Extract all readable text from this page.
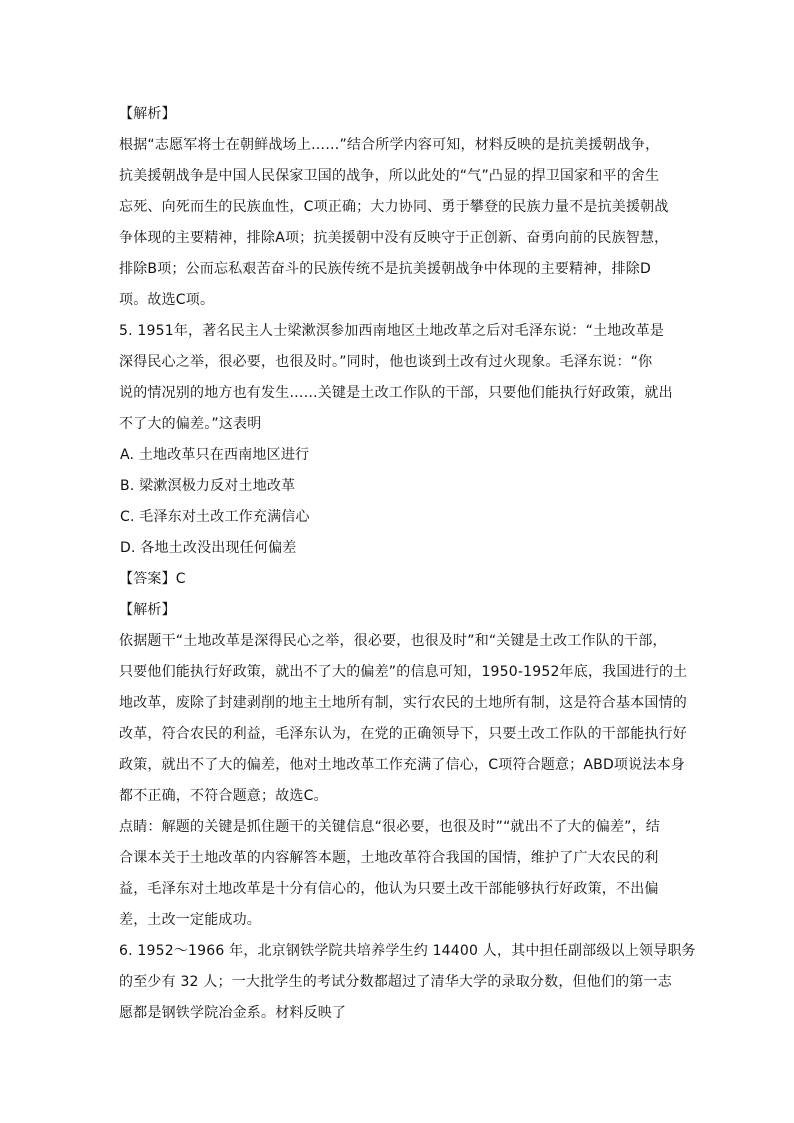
【解析】
根据“志愿军将士在朝鲜战场上……”结合所学内容可知，材料反映的是抗美援朝战争，
抗美援朝战争是中国人民保家卫国的战争，所以此处的“气”凸显的捍卫国家和平的舍生
忘死、向死而生的民族血性，C项正确；大力协同、勇于攀登的民族力量不是抗美援朝战
争体现的主要精神，排除A项；抗美援朝中没有反映守于正创新、奋勇向前的民族智慧，
排除B项；公而忘私艰苦奋斗的民族传统不是抗美援朝战争中体现的主要精神，排除D
项。故选C项。
5. 1951年，著名民主人士梁漱溟参加西南地区土地改革之后对毛泽东说：“土地改革是
深得民心之举，很必要，也很及时。”同时，他也谈到土改有过火现象。毛泽东说：“你
说的情况别的地方也有发生……关键是土改工作队的干部，只要他们能执行好政策，就出
不了大的偏差。”这表明
A. 土地改革只在西南地区进行
B. 梁漱溟极力反对土地改革
C. 毛泽东对土改工作充满信心
D. 各地土改没出现任何偏差
【答案】C
【解析】
依据题干“土地改革是深得民心之举，很必要，也很及时”和“关键是土改工作队的干部，
只要他们能执行好政策，就出不了大的偏差”的信息可知，1950-1952年底，我国进行的土
地改革，废除了封建剥削的地主土地所有制，实行农民的土地所有制，这是符合基本国情的
改革，符合农民的利益，毛泽东认为，在党的正确领导下，只要土改工作队的干部能执行好
政策，就出不了大的偏差，他对土地改革工作充满了信心，C项符合题意；ABD项说法本身
都不正确，不符合题意；故选C。
点睛：解题的关键是抓住题干的关键信息“很必要，也很及时”“就出不了大的偏差”，结
合课本关于土地改革的内容解答本题，土地改革符合我国的国情，维护了广大农民的利
益，毛泽东对土地改革是十分有信心的，他认为只要土改干部能够执行好政策，不出偏
差，土改一定能成功。
6. 1952～1966 年，北京钢铁学院共培养学生约 14400 人，其中担任副部级以上领导职务
的至少有 32 人；一大批学生的考试分数都超过了清华大学的录取分数，但他们的第一志
愿都是钢铁学院冶金系。材料反映了
